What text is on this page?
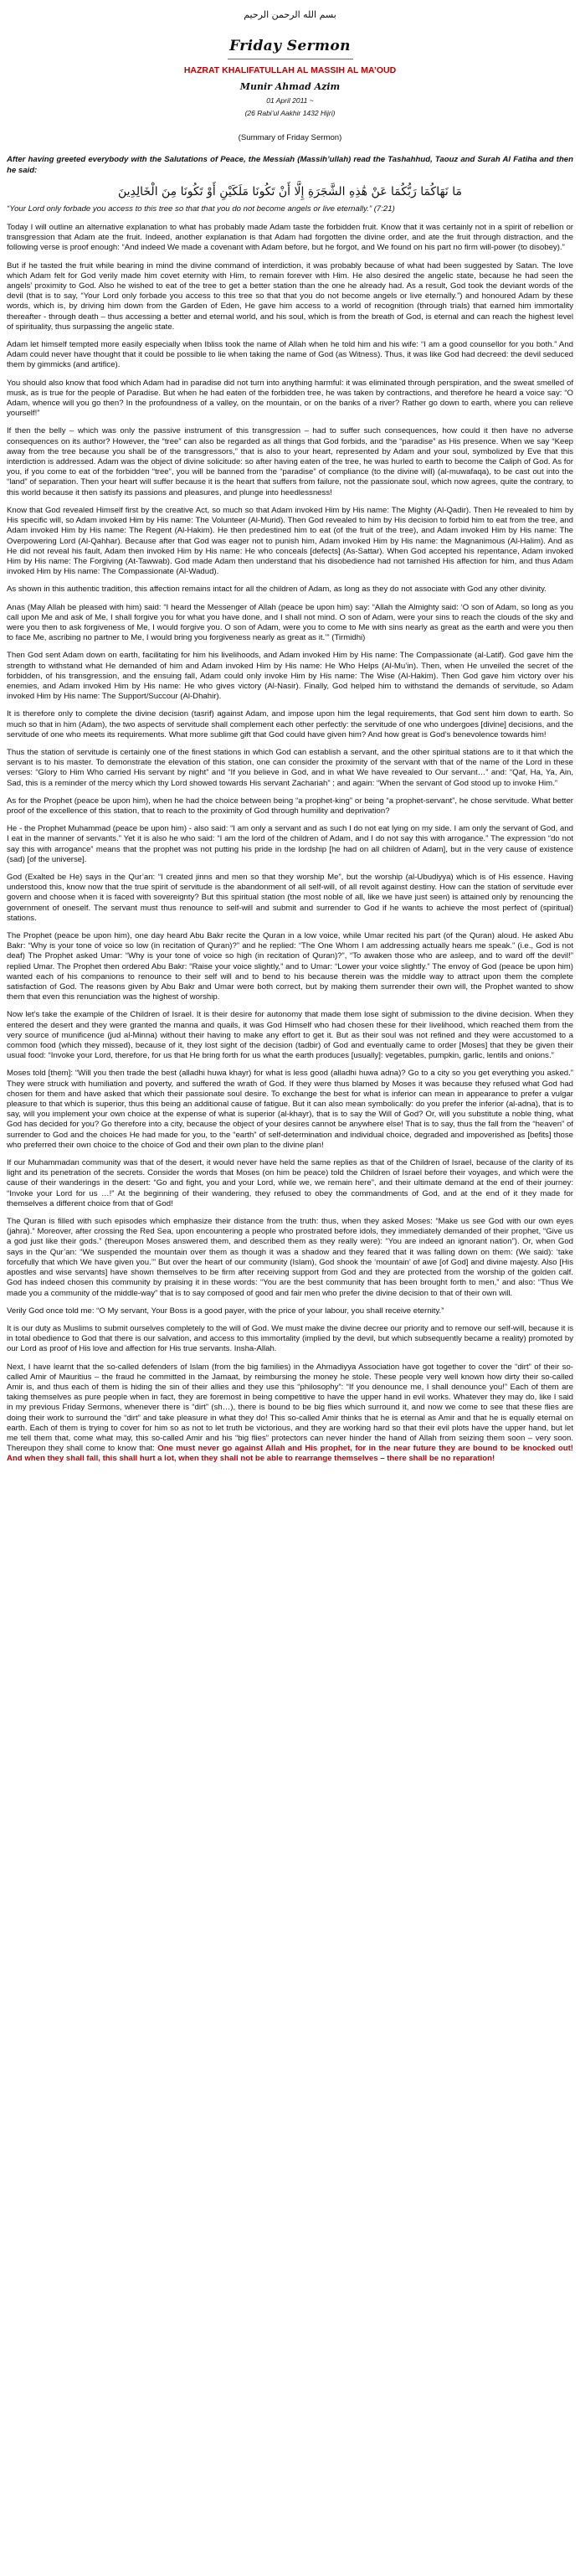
بسم الله الرحمن الرحيم
Friday Sermon
HAZRAT KHALIFATULLAH AL MASSIH AL MA’OUD
Munir Ahmad Azim
01 April 2011 ~
(26 Rabi’ul Aakhir 1432 Hijri)
(Summary of Friday Sermon)
After having greeted everybody with the Salutations of Peace, the Messiah (Massih’ullah) read the Tashahhud, Taouz and Surah Al Fatiha and then he said:
مَا نَهَاكُمَا رَبُّكُمَا عَنْ هَٰذِهِ الشَّجَرَةِ إِلَّا أَنْ تَكُونَا مَلَكَيْنِ أَوْ تَكُونَا مِنَ الْخَالِدِينَ
“Your Lord only forbade you access to this tree so that that you do not become angels or live eternally.” (7:21)

Today I will outline an alternative explanation to what has probably made Adam taste the forbidden fruit. Know that it was certainly not in a spirit of rebellion or transgression that Adam ate the fruit. Indeed, another explanation is that Adam had forgotten the divine order, and ate the fruit through distraction, and the following verse is proof enough: “And indeed We made a covenant with Adam before, but he forgot, and We found on his part no firm will-power (to disobey).”

But if he tasted the fruit while bearing in mind the divine command of interdiction, it was probably because of what had been suggested by Satan. The love which Adam felt for God verily made him covet eternity with Him, to remain forever with Him. He also desired the angelic state, because he had seen the angels’ proximity to God. Also he wished to eat of the tree to get a better station than the one he already had. As a result, God took the deviant words of the devil (that is to say, “Your Lord only forbade you access to this tree so that that you do not become angels or live eternally.”) and honoured Adam by these words, which is, by driving him down from the Garden of Eden, He gave him access to a world of recognition (through trials) that earned him immortality thereafter - through death – thus accessing a better and eternal world, and his soul, which is from the breath of God, is eternal and can reach the highest level of spirituality, thus surpassing the angelic state.

Adam let himself tempted more easily especially when Ibliss took the name of Allah when he told him and his wife: “I am a good counsellor for you both.” And Adam could never have thought that it could be possible to lie when taking the name of God (as Witness). Thus, it was like God had decreed: the devil seduced them by gimmicks (and artifice).

You should also know that food which Adam had in paradise did not turn into anything harmful: it was eliminated through perspiration, and the sweat smelled of musk, as is true for the people of Paradise. But when he had eaten of the forbidden tree, he was taken by contractions, and therefore he heard a voice say: “O Adam, whence will you go then? In the profoundness of a valley, on the mountain, or on the banks of a river? Rather go down to earth, where you can relieve yourself!”

If then the belly – which was only the passive instrument of this transgression – had to suffer such consequences, how could it then have no adverse consequences on its author? However, the “tree” can also be regarded as all things that God forbids, and the “paradise” as His presence. When we say “Keep away from the tree because you shall be of the transgressors,” that is also to your heart, represented by Adam and your soul, symbolized by Eve that this interdiction is addressed. Adam was the object of divine solicitude: so after having eaten of the tree, he was hurled to earth to become the Caliph of God. As for you, if you come to eat of the forbidden “tree”, you will be banned from the “paradise” of compliance (to the divine will) (al-muwafaqa), to be cast out into the “land” of separation. Then your heart will suffer because it is the heart that suffers from failure, not the passionate soul, which now agrees, quite the contrary, to this world because it then satisfy its passions and pleasures, and plunge into heedlessness!

Know that God revealed Himself first by the creative Act, so much so that Adam invoked Him by His name: The Mighty (Al-Qadir). Then He revealed to him by His specific will, so Adam invoked Him by His name: The Volunteer (Al-Murid). Then God revealed to him by His decision to forbid him to eat from the tree, and Adam invoked Him by His name: The Regent (Al-Hakim). He then predestined him to eat (of the fruit of the tree), and Adam invoked Him by His name: The Overpowering Lord (Al-Qahhar). Because after that God was eager not to punish him, Adam invoked Him by His name: the Magnanimous (Al-Halim). And as He did not reveal his fault, Adam then invoked Him by His name: He who conceals [defects] (As-Sattar). When God accepted his repentance, Adam invoked Him by His name: The Forgiving (At-Tawwab). God made Adam then understand that his disobedience had not tarnished His affection for him, and thus Adam invoked Him by His name: The Compassionate (Al-Wadud).

As shown in this authentic tradition, this affection remains intact for all the children of Adam, as long as they do not associate with God any other divinity.

Anas (May Allah be pleased with him) said: “I heard the Messenger of Allah (peace be upon him) say: “Allah the Almighty said: ‘O son of Adam, so long as you call upon Me and ask of Me, I shall forgive you for what you have done, and I shall not mind. O son of Adam, were your sins to reach the clouds of the sky and were you then to ask forgiveness of Me, I would forgive you. O son of Adam, were you to come to Me with sins nearly as great as the earth and were you then to face Me, ascribing no partner to Me, I would bring you forgiveness nearly as great as it.’” (Tirmidhi)

Then God sent Adam down on earth, facilitating for him his livelihoods, and Adam invoked Him by His name: The Compassionate (al-Latif). God gave him the strength to withstand what He demanded of him and Adam invoked Him by His name: He Who Helps (Al-Mu’in). Then, when He unveiled the secret of the forbidden, of his transgression, and the ensuing fall, Adam could only invoke Him by His name: The Wise (Al-Hakim). Then God gave him victory over his enemies, and Adam invoked Him by His name: He who gives victory (Al-Nasir). Finally, God helped him to withstand the demands of servitude, so Adam invoked Him by His name: The Support/Succour (Al-Dhahir).

It is therefore only to complete the divine decision (tasrif) against Adam, and impose upon him the legal requirements, that God sent him down to earth. So much so that in him (Adam), the two aspects of servitude shall complement each other perfectly: the servitude of one who undergoes [divine] decisions, and the servitude of one who meets its requirements. What more sublime gift that God could have given him? And how great is God’s benevolence towards him!

Thus the station of servitude is certainly one of the finest stations in which God can establish a servant, and the other spiritual stations are to it that which the servant is to his master. To demonstrate the elevation of this station, one can consider the proximity of the servant with that of the name of the Lord in these verses: “Glory to Him Who carried His servant by night” and “If you believe in God, and in what We have revealed to Our servant…” and: “Qaf, Ha, Ya, Ain, Sad, this is a reminder of the mercy which thy Lord showed towards His servant Zachariah” ; and again: “When the servant of God stood up to invoke Him.”

As for the Prophet (peace be upon him), when he had the choice between being “a prophet-king” or being “a prophet-servant”, he chose servitude. What better proof of the excellence of this station, that to reach to the proximity of God through humility and deprivation?

He - the Prophet Muhammad (peace be upon him) - also said: “I am only a servant and as such I do not eat lying on my side. I am only the servant of God, and I eat in the manner of servants.” Yet it is also he who said: “I am the lord of the children of Adam, and I do not say this with arrogance.” The expression “do not say this with arrogance” means that the prophet was not putting his pride in the lordship [he had on all children of Adam], but in the very cause of existence (sad) [of the universe].

God (Exalted be He) says in the Qur’an: “I created jinns and men so that they worship Me”, but the worship (al-Ubudiyya) which is of His essence. Having understood this, know now that the true spirit of servitude is the abandonment of all self-will, of all revolt against destiny. How can the station of servitude ever govern and choose when it is faced with sovereignty? But this spiritual station (the most noble of all, like we have just seen) is attained only by renouncing the government of oneself. The servant must thus renounce to self-will and submit and surrender to God if he wants to achieve the most perfect of (spiritual) stations.

The Prophet (peace be upon him), one day heard Abu Bakr recite the Quran in a low voice, while Umar recited his part (of the Quran) aloud. He asked Abu Bakr: “Why is your tone of voice so low (in recitation of Quran)?” and he replied: “The One Whom I am addressing actually hears me speak.” (i.e., God is not deaf) The Prophet asked Umar: “Why is your tone of voice so high (in recitation of Quran)?”, “To awaken those who are asleep, and to ward off the devil!” replied Umar. The Prophet then ordered Abu Bakr: “Raise your voice slightly,” and to Umar: “Lower your voice slightly.” The envoy of God (peace be upon him) wanted each of his companions to renounce to their self will and to bend to his because therein was the middle way to attract upon them the complete satisfaction of God. The reasons given by Abu Bakr and Umar were both correct, but by making them surrender their own will, the Prophet wanted to show them that even this renunciation was the highest of worship.

Now let’s take the example of the Children of Israel. It is their desire for autonomy that made them lose sight of submission to the divine decision. When they entered the desert and they were granted the manna and quails, it was God Himself who had chosen these for their livelihood, which reached them from the very source of munificence (jud al-Minna) without their having to make any effort to get it. But as their soul was not refined and they were accustomed to a common food (which they missed), because of it, they lost sight of the decision (tadbir) of God and eventually came to order [Moses] that they be given their usual food: “Invoke your Lord, therefore, for us that He bring forth for us what the earth produces [usually]: vegetables, pumpkin, garlic, lentils and onions.”

Moses told [them]: “Will you then trade the best (alladhi huwa khayr) for what is less good (alladhi huwa adna)? Go to a city so you get everything you asked.” They were struck with humiliation and poverty, and suffered the wrath of God. If they were thus blamed by Moses it was because they refused what God had chosen for them and have asked that which their passionate soul desire. To exchange the best for what is inferior can mean in appearance to prefer a vulgar pleasure to that which is superior, thus this being an additional cause of fatigue. But it can also mean symbolically: do you prefer the inferior (al-adna), that is to say, will you implement your own choice at the expense of what is superior (al-khayr), that is to say the Will of God? Or, will you substitute a noble thing, what God has decided for you? Go therefore into a city, because the object of your desires cannot be anywhere else! That is to say, thus the fall from the “heaven” of surrender to God and the choices He had made for you, to the “earth” of self-determination and individual choice, degraded and impoverished as [befits] those who preferred their own choice to the choice of God and their own plan to the divine plan!

If our Muhammadan community was that of the desert, it would never have held the same replies as that of the Children of Israel, because of the clarity of its light and its penetration of the secrets. Consider the words that Moses (on him be peace) told the Children of Israel before their voyages, and which were the cause of their wanderings in the desert: “Go and fight, you and your Lord, while we, we remain here”, and their ultimate demand at the end of their journey: “Invoke your Lord for us …!” At the beginning of their wandering, they refused to obey the commandments of God, and at the end of it they made for themselves a different choice from that of God!

The Quran is filled with such episodes which emphasize their distance from the truth: thus, when they asked Moses: “Make us see God with our own eyes (jahra).” Moreover, after crossing the Red Sea, upon encountering a people who prostrated before idols, they immediately demanded of their prophet, “Give us a god just like their gods.” (thereupon Moses answered them, and described them as they really were): “You are indeed an ignorant nation”). Or, when God says in the Qur’an: “We suspended the mountain over them as though it was a shadow and they feared that it was falling down on them: (We said): ‘take forcefully that which We have given you.’” But over the heart of our community (Islam), God shook the ‘mountain’ of awe [of God] and divine majesty. Also [His apostles and wise servants] have shown themselves to be firm after receiving support from God and they are protected from the worship of the golden calf. God has indeed chosen this community by praising it in these words: “You are the best community that has been brought forth to men,” and also: “Thus We made you a community of the middle-way” that is to say composed of good and fair men who prefer the divine decision to that of their own will.

Verily God once told me: “O My servant, Your Boss is a good payer, with the price of your labour, you shall receive eternity.”

It is our duty as Muslims to submit ourselves completely to the will of God. We must make the divine decree our priority and to remove our self-will, because it is in total obedience to God that there is our salvation, and access to this immortality (implied by the devil, but which subsequently became a reality) promoted by our Lord as proof of His love and affection for His true servants. Insha-Allah.

Next, I have learnt that the so-called defenders of Islam (from the big families) in the Ahmadiyya Association have got together to cover the “dirt” of their so-called Amir of Mauritius – the fraud he committed in the Jamaat, by reimbursing the money he stole. These people very well known how dirty their so-called Amir is, and thus each of them is hiding the sin of their allies and they use this “philosophy”: “If you denounce me, I shall denounce you!” Each of them are taking themselves as pure people when in fact, they are foremost in being competitive to have the upper hand in evil works. Whatever they may do, like I said in my previous Friday Sermons, whenever there is “dirt” (sh…), there is bound to be big flies which surround it, and now we come to see that these flies are doing their work to surround the “dirt” and take pleasure in what they do! This so-called Amir thinks that he is eternal as Amir and that he is equally eternal on earth. Each of them is trying to cover for him so as not to let truth be victorious, and they are working hard so that their evil plots have the upper hand, but let me tell them that, come what may, this so-called Amir and his “big flies” protectors can never hinder the hand of Allah from seizing them soon – very soon. Thereupon they shall come to know that: One must never go against Allah and His prophet, for in the near future they are bound to be knocked out! And when they shall fall, this shall hurt a lot, when they shall not be able to rearrange themselves – there shall be no reparation!
